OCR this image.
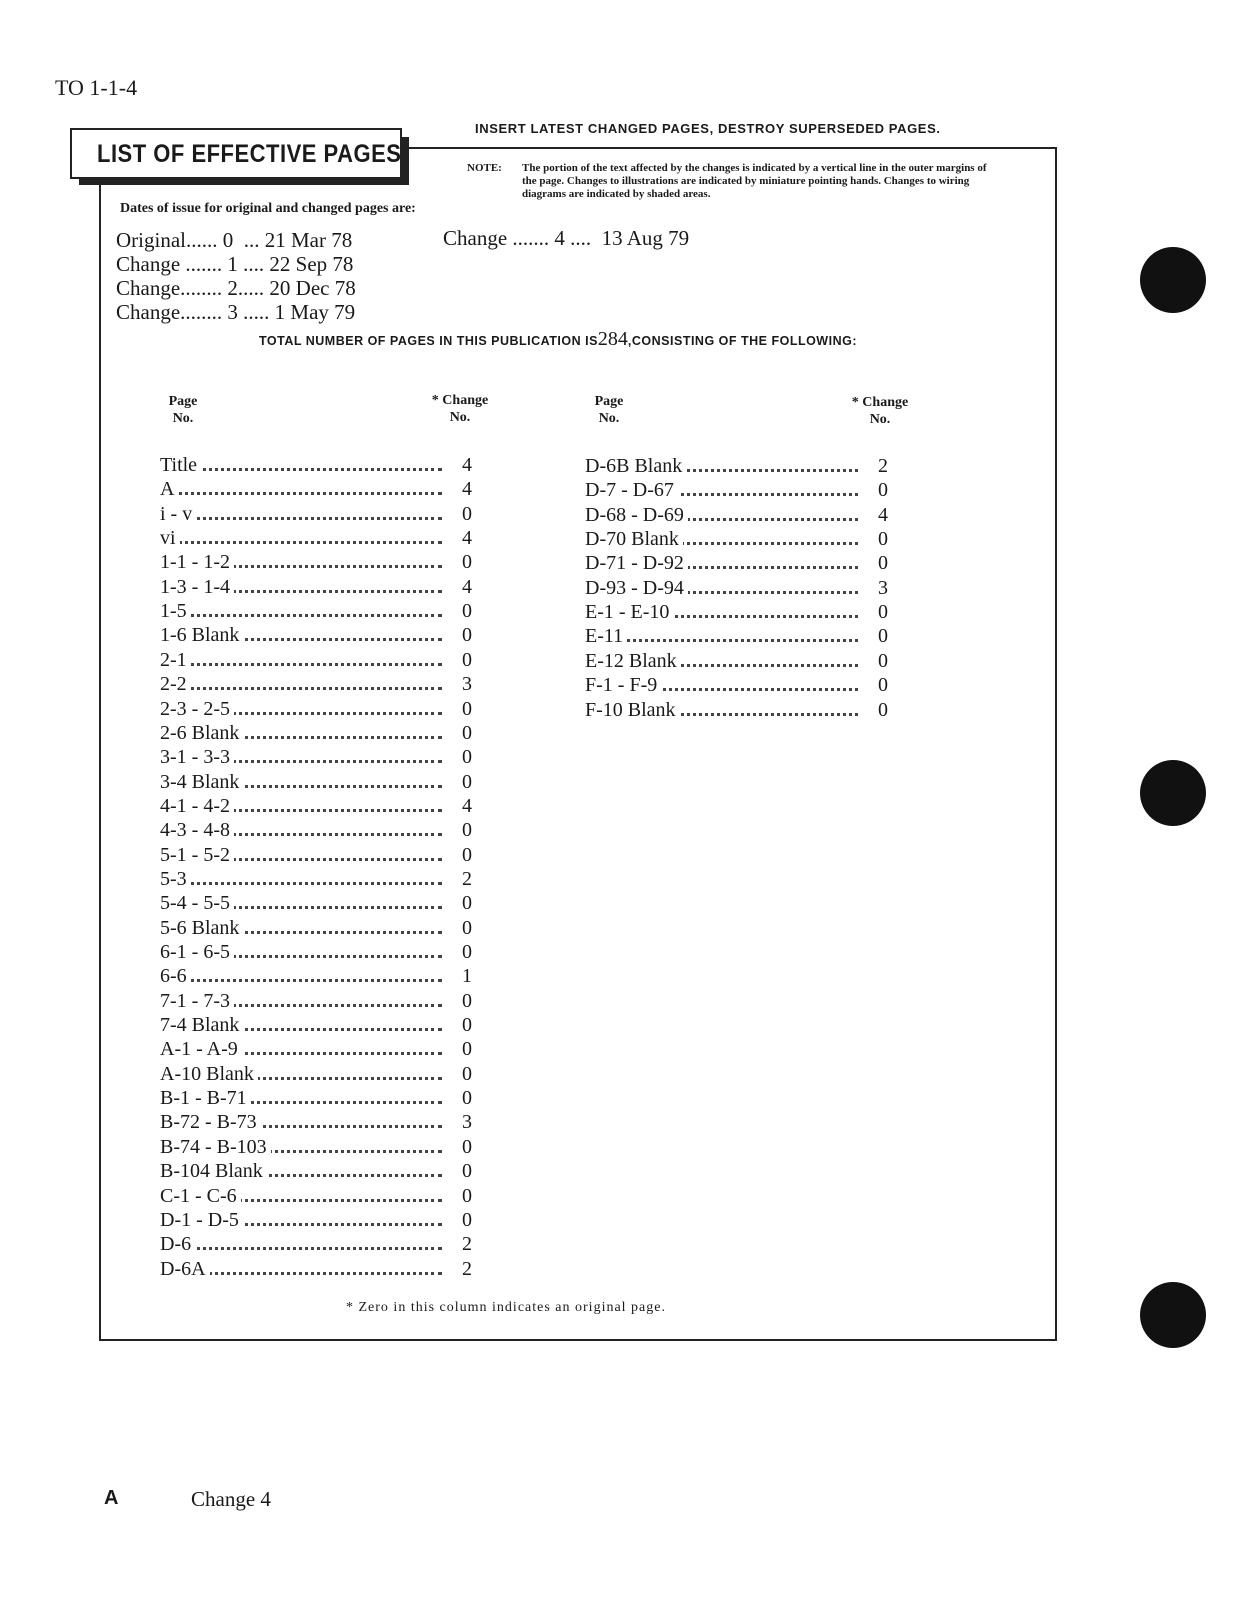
TO 1-1-4
INSERT LATEST CHANGED PAGES, DESTROY SUPERSEDED PAGES.
LIST OF EFFECTIVE PAGES
NOTE: The portion of the text affected by the changes is indicated by a vertical line in the outer margins of the page. Changes to illustrations are indicated by miniature pointing hands. Changes to wiring diagrams are indicated by shaded areas.
Dates of issue for original and changed pages are:
Original...... 0  ... 21 Mar 78
Change ....... 1 .... 22 Sep 78
Change........ 2..... 20 Dec 78
Change........ 3 ..... 1 May 79
Change ....... 4 ....  13 Aug 79
TOTAL NUMBER OF PAGES IN THIS PUBLICATION IS284,CONSISTING OF THE FOLLOWING:
Page
No.
* Change
No.
Page
No.
* Change
No.
Title	4
A	4
i - v	0
vi	4
1-1 - 1-2	0
1-3 - 1-4	4
1-5	0
1-6 Blank	0
2-1	0
2-2	3
2-3 - 2-5	0
2-6 Blank	0
3-1 - 3-3	0
3-4 Blank	0
4-1 - 4-2	4
4-3 - 4-8	0
5-1 - 5-2	0
5-3	2
5-4 - 5-5	0
5-6 Blank	0
6-1 - 6-5	0
6-6	1
7-1 - 7-3	0
7-4 Blank	0
A-1 - A-9	0
A-10 Blank	0
B-1 - B-71	0
B-72 - B-73	3
B-74 - B-103	0
B-104 Blank	0
C-1 - C-6	0
D-1 - D-5	0
D-6	2
D-6A	2
D-6B Blank	2
D-7 - D-67	0
D-68 - D-69	4
D-70 Blank	0
D-71 - D-92	0
D-93 - D-94	3
E-1 - E-10	0
E-11	0
E-12 Blank	0
F-1 - F-9	0
F-10 Blank	0
* Zero in this column indicates an original page.
A	Change 4
